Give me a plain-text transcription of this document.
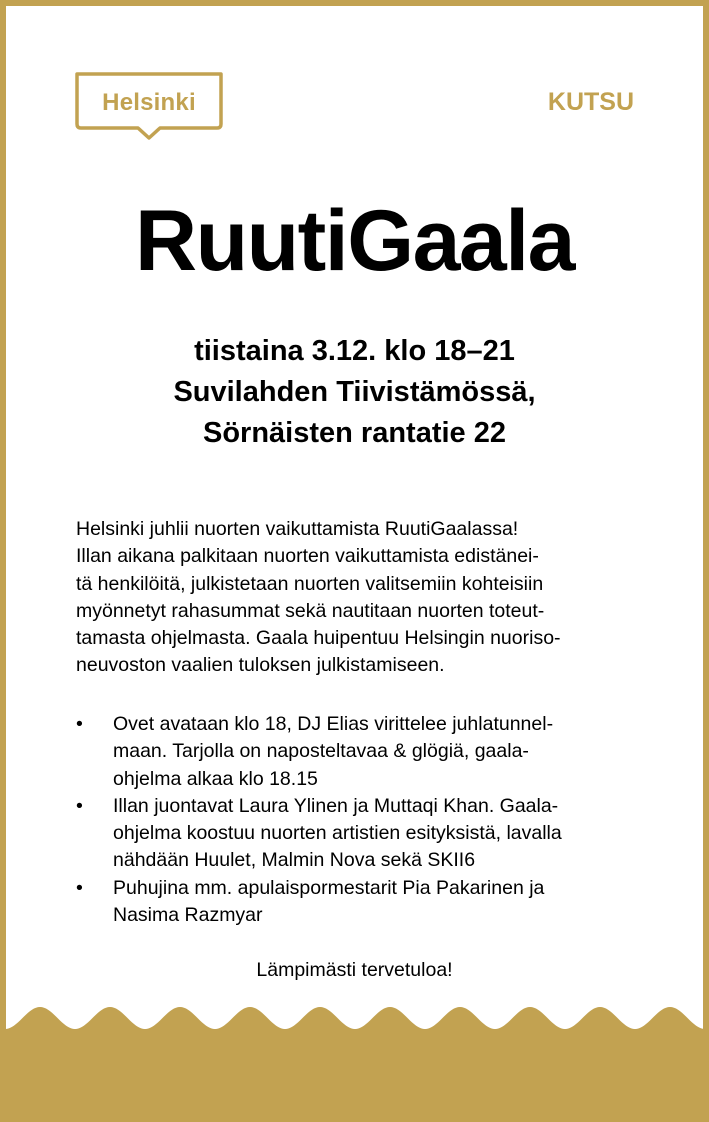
Helsinki	KUTSU
RuutiGaala
tiistaina 3.12. klo 18–21
Suvilahden Tiivistämössä,
Sörnäisten rantatie 22
Helsinki juhlii nuorten vaikuttamista RuutiGaalassa!
Illan aikana palkitaan nuorten vaikuttamista edistänei-
tä henkilöitä, julkistetaan nuorten valitsemiin kohteisiin
myönnetyt rahasummat sekä nautitaan nuorten toteut-
tamasta ohjelmasta. Gaala huipentuu Helsingin nuoriso-
neuvoston vaalien tuloksen julkistamiseen.
• Ovet avataan klo 18, DJ Elias virittelee juhlatunnel-
maan. Tarjolla on naposteltavaa & glögiä, gaala-
ohjelma alkaa klo 18.15
• Illan juontavat Laura Ylinen ja Muttaqi Khan. Gaala-
ohjelma koostuu nuorten artistien esityksistä, lavalla
nähdään Huulet, Malmin Nova sekä SKII6
• Puhujina mm. apulaispormestarit Pia Pakarinen ja
Nasima Razmyar
Lämpimästi tervetuloa!
